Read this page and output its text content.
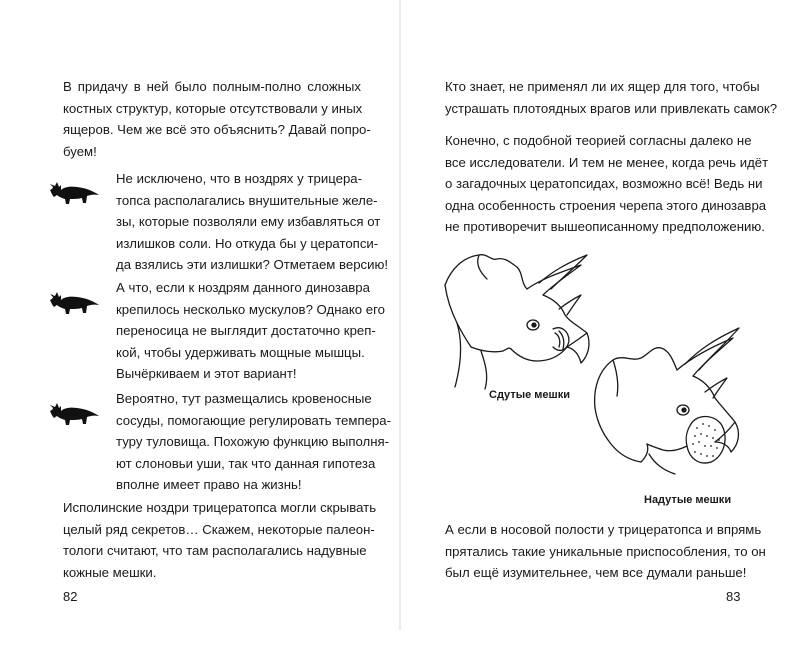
В придачу в ней было полным-полно сложных
костных структур, которые отсутствовали у иных
ящеров. Чем же всё это объяснить? Давай попро-
буем!
Не исключено, что в ноздрях у трицера-
топса располагались внушительные желе-
зы, которые позволяли ему избавляться от
излишков соли. Но откуда бы у цератопси-
да взялись эти излишки? Отметаем версию!
А что, если к ноздрям данного динозавра
крепилось несколько мускулов? Однако его
переносица не выглядит достаточно креп-
кой, чтобы удерживать мощные мышцы.
Вычёркиваем и этот вариант!
Вероятно, тут размещались кровеносные
сосуды, помогающие регулировать темпера-
туру туловища. Похожую функцию выполня-
ют слоновьи уши, так что данная гипотеза
вполне имеет право на жизнь!
Исполинские ноздри трицератопса могли скрывать
целый ряд секретов… Скажем, некоторые палеон-
тологи считают, что там располагались надувные
кожные мешки.
82
Кто знает, не применял ли их ящер для того, чтобы
устрашать плотоядных врагов или привлекать самок?
Конечно, с подобной теорией согласны далеко не
все исследователи. И тем не менее, когда речь идёт
о загадочных цератопсидах, возможно всё! Ведь ни
одна особенность строения черепа этого динозавра
не противоречит вышеописанному предположению.
Сдутые мешки
Надутые мешки
А если в носовой полости у трицератопса и впрямь
прятались такие уникальные приспособления, то он
был ещё изумительнее, чем все думали раньше!
83
